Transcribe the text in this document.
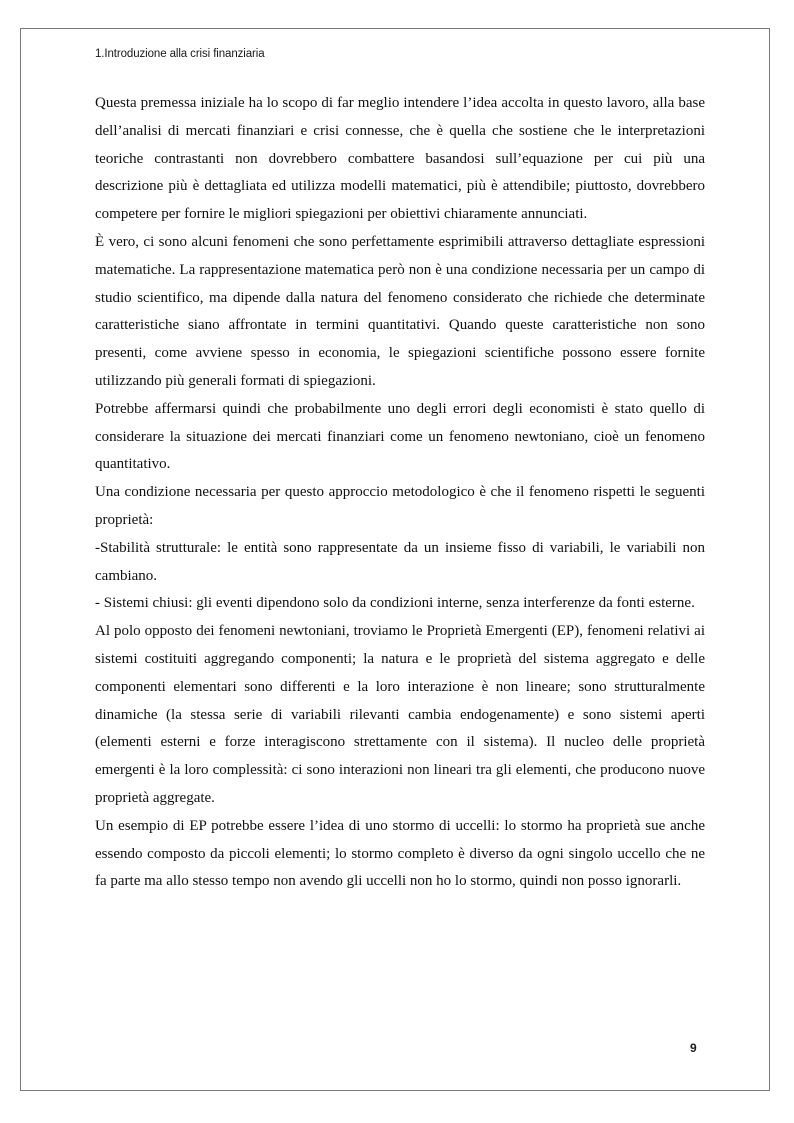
1.Introduzione alla crisi finanziaria

Questa premessa iniziale ha lo scopo di far meglio intendere l’idea accolta in questo lavoro, alla base dell’analisi di mercati finanziari e crisi connesse, che è quella che sostiene che le interpretazioni teoriche contrastanti non dovrebbero combattere basandosi sull’equazione per cui più una descrizione più è dettagliata ed utilizza modelli matematici, più è attendibile; piuttosto, dovrebbero competere per fornire le migliori spiegazioni per obiettivi chiaramente annunciati.

È vero, ci sono alcuni fenomeni che sono perfettamente esprimibili attraverso dettagliate espressioni matematiche. La rappresentazione matematica però non è una condizione necessaria per un campo di studio scientifico, ma dipende dalla natura del fenomeno considerato che richiede che determinate caratteristiche siano affrontate in termini quantitativi. Quando queste caratteristiche non sono presenti, come avviene spesso in economia, le spiegazioni scientifiche possono essere fornite utilizzando più generali formati di spiegazioni.

Potrebbe affermarsi quindi che probabilmente uno degli errori degli economisti è stato quello di considerare la situazione dei mercati finanziari come un fenomeno newtoniano, cioè un fenomeno quantitativo.

Una condizione necessaria per questo approccio metodologico è che il fenomeno rispetti le seguenti proprietà:

-Stabilità strutturale: le entità sono rappresentate da un insieme fisso di variabili, le variabili non cambiano.

- Sistemi chiusi: gli eventi dipendono solo da condizioni interne, senza interferenze da fonti esterne.

Al polo opposto dei fenomeni newtoniani, troviamo le Proprietà Emergenti (EP), fenomeni relativi ai sistemi costituiti aggregando componenti; la natura e le proprietà del sistema aggregato e delle componenti elementari sono differenti e la loro interazione è non lineare; sono strutturalmente dinamiche (la stessa serie di variabili rilevanti cambia endogenamente) e sono sistemi aperti (elementi esterni e forze interagiscono strettamente con il sistema). Il nucleo delle proprietà emergenti è la loro complessità: ci sono interazioni non lineari tra gli elementi, che producono nuove proprietà aggregate.

Un esempio di EP potrebbe essere l’idea di uno stormo di uccelli: lo stormo ha proprietà sue anche essendo composto da piccoli elementi; lo stormo completo è diverso da ogni singolo uccello che ne fa parte ma allo stesso tempo non avendo gli uccelli non ho lo stormo, quindi non posso ignorarli.

9
